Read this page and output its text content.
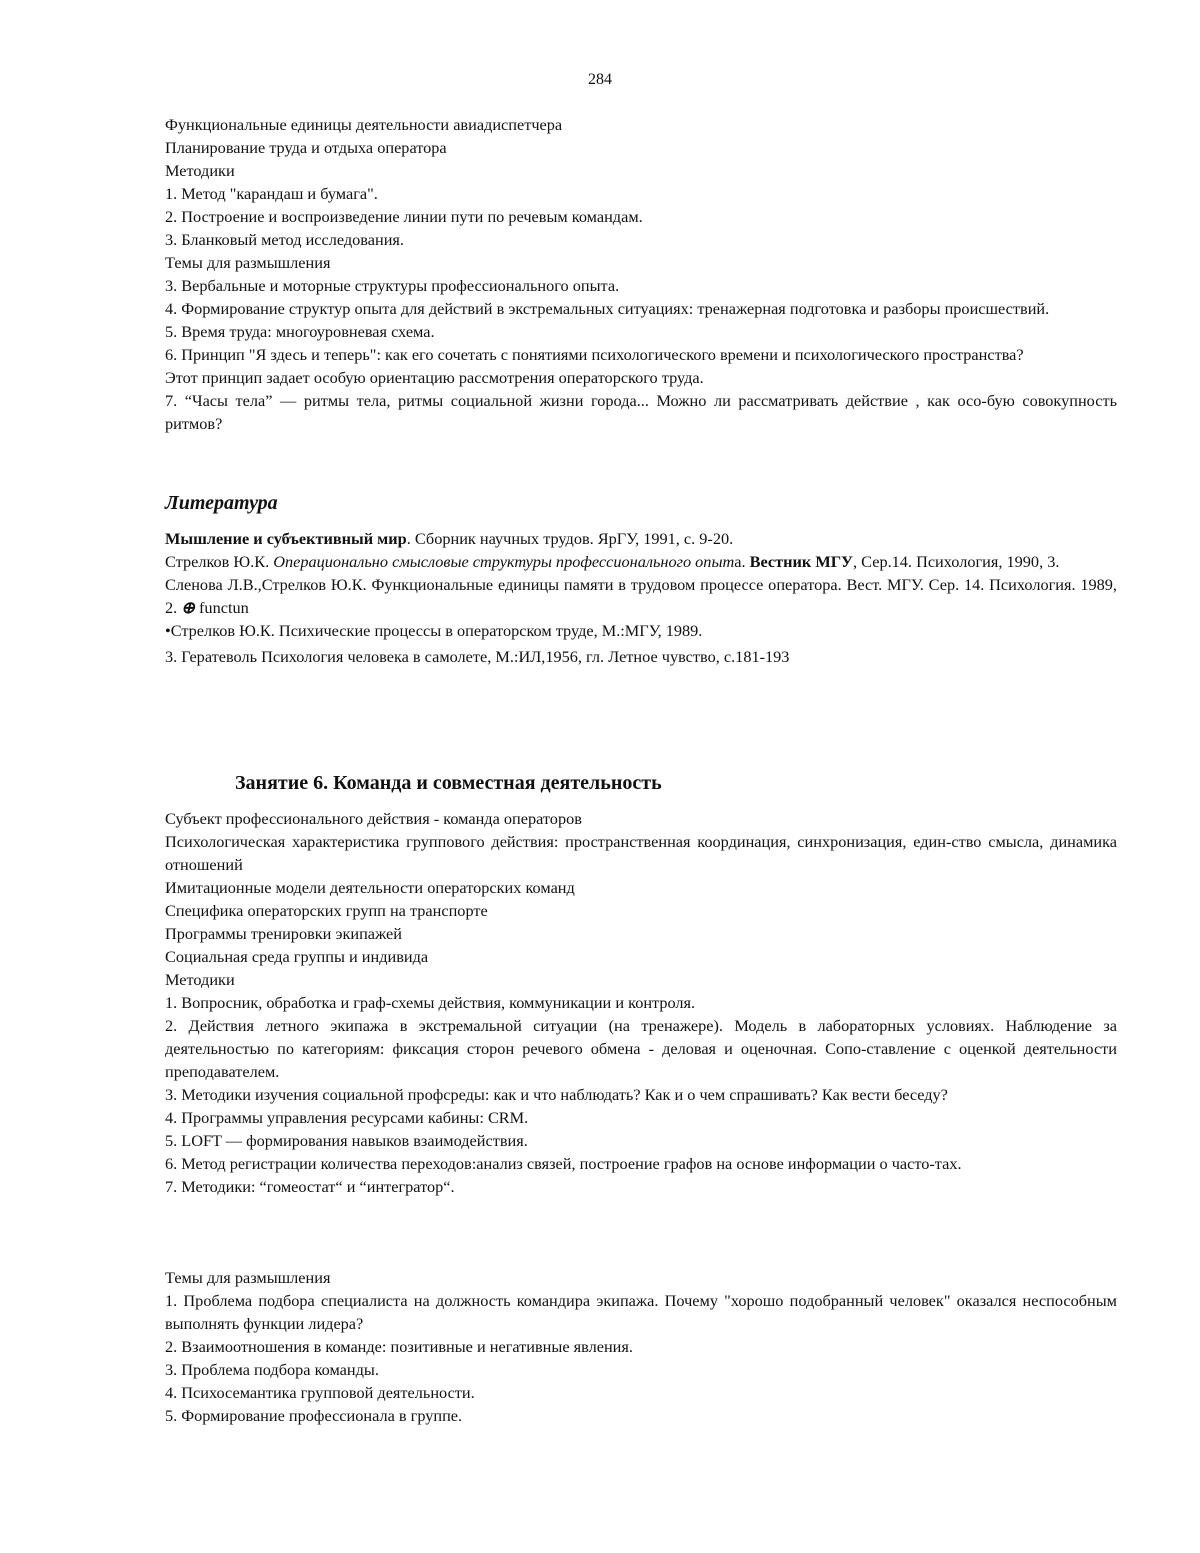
284

Функциональные единицы деятельности авиадиспетчера

Планирование труда и отдыха оператора

Методики

1. Метод "карандаш и бумага".

2. Построение и воспроизведение линии пути по речевым командам.

3. Бланковый метод исследования.

Темы для размышления

3. Вербальные и моторные структуры профессионального опыта.

4. Формирование структур опыта для действий в экстремальных ситуациях: тренажерная подготовка и разборы происшествий.

5. Время труда: многоуровневая схема.

6. Принцип "Я здесь и теперь": как его сочетать с понятиями психологического времени и психологического пространства?

Этот принцип задает особую ориентацию рассмотрения операторского труда.

7. “Часы тела” — ритмы тела, ритмы социальной жизни города... Можно ли рассматривать действие , как осо-бую совокупность ритмов?

Литература

Мышление и субъективный мир. Сборник научных трудов. ЯрГУ, 1991, с. 9-20.

Стрелков Ю.К. Операционально смысловые структуры профессионального опыта. Вестник МГУ, Сер.14. Психология, 1990, 3.

Сленова Л.В.,Стрелков Ю.К. Функциональные единицы памяти в трудовом процессе оператора. Вест. МГУ. Сер. 14. Психология. 1989, 2. ⊕ functun

•Стрелков Ю.К. Психические процессы в операторском труде, М.:МГУ, 1989.

3. Герат​еволь Психология человека в самолете, М.:ИЛ,1956, гл. Летное чувство, с.181-193

Занятие 6. Команда и совместная деятельность

Субъект профессионального действия - команда операторов

Психологическая характеристика группового действия: пространственная координация, синхронизация, един-ство смысла, динамика отношений

Имитационные модели деятельности операторских команд

Специфика операторских групп на транспорте

Программы тренировки экипажей

Социальная среда группы и индивида

Методики

1. Вопросник, обработка и граф-схемы действия, коммуникации и контроля.

2. Действия летного экипажа в экстремальной ситуации (на тренажере). Модель в лабораторных условиях. Наблюдение за деятельностью по категориям: фиксация сторон речевого обмена - деловая и оценочная. Сопо-ставление с оценкой деятельности преподавателем.

3. Методики изучения социальной профсреды: как и что наблюдать? Как и о чем спрашивать? Как вести беседу?

4. Программы управления ресурсами кабины: CRM.

5. LOFT — формирования навыков взаимодействия.

6. Метод регистрации количества переходов:анализ связей, построение графов на основе информации о часто-тах.

7. Методики: “гомеостат“ и “интегратор“.

Темы для размышления

1. Проблема подбора специалиста на должность командира экипажа. Почему "хорошо подобранный человек" оказался неспособным выполнять функции лидера?

2. Взаимоотношения в команде: позитивные и негативные явления.

3. Проблема подбора команды.

4. Психосемантика групповой деятельности.

5. Формирование профессионала в группе.
